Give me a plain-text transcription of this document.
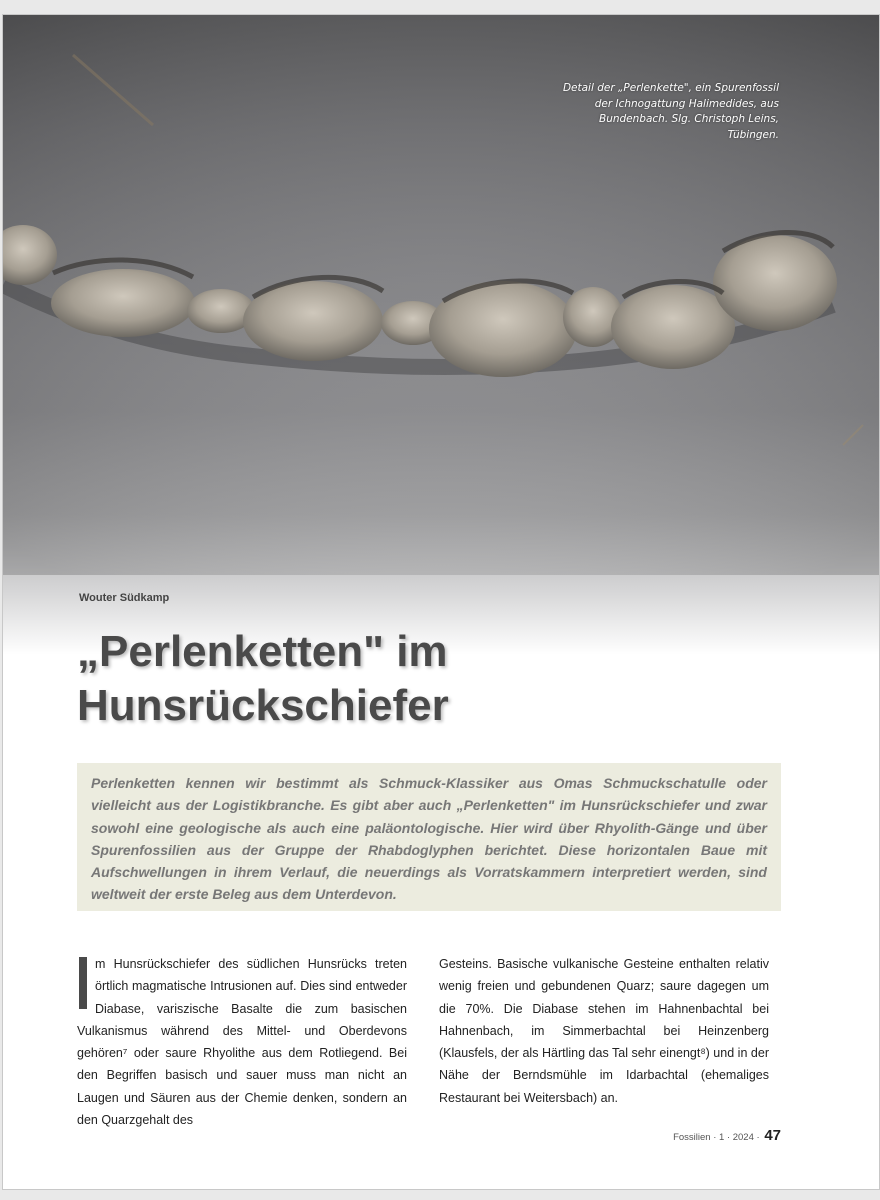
Detail der „Perlenkette", ein Spurenfossil der Ichnogattung Halimedides, aus Bundenbach. Slg. Christoph Leins, Tübingen.
Wouter Südkamp
„Perlenketten" im Hunsrückschiefer
Perlenketten kennen wir bestimmt als Schmuck-Klassiker aus Omas Schmuckschatulle oder vielleicht aus der Logistikbranche. Es gibt aber auch „Perlenketten" im Hunsrückschiefer und zwar sowohl eine geologische als auch eine paläontologische. Hier wird über Rhyolith-Gänge und über Spurenfossilien aus der Gruppe der Rhabdoglyphen berichtet. Diese horizontalen Baue mit Aufschwellungen in ihrem Verlauf, die neuerdings als Vorratskammern interpretiert werden, sind weltweit der erste Beleg aus dem Unterdevon.
m Hunsrückschiefer des südlichen Hunsrücks treten örtlich magmatische Intrusionen auf. Dies sind entweder Diabase, variszische Basalte die zum basischen Vulkanismus während des Mittel- und Oberdevons gehören⁷ oder saure Rhyolithe aus dem Rotliegend. Bei den Begriffen basisch und sauer muss man nicht an Laugen und Säuren aus der Chemie denken, sondern an den Quarzgehalt des
Gesteins. Basische vulkanische Gesteine enthalten relativ wenig freien und gebundenen Quarz; saure dagegen um die 70%. Die Diabase stehen im Hahnenbachtal bei Hahnenbach, im Simmerbachtal bei Heinzenberg (Klausfels, der als Härtling das Tal sehr einengt⁸) und in der Nähe der Berndsmühle im Idarbachtal (ehemaliges Restaurant bei Weitersbach) an.
Fossilien · 1 · 2024 · 47
